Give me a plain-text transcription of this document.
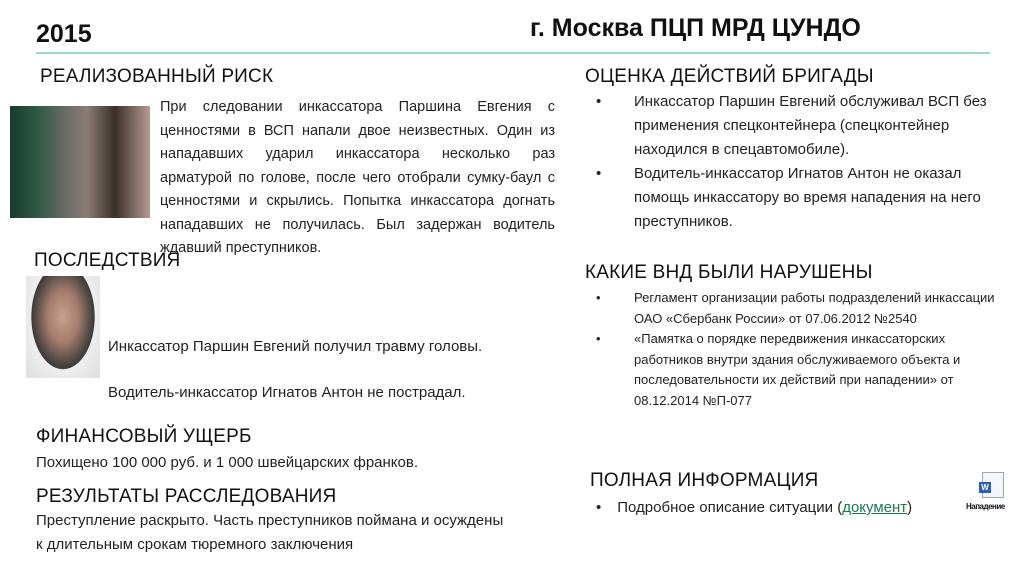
2015	г. Москва ПЦП МРД ЦУНДО
РЕАЛИЗОВАННЫЙ РИСК
При следовании инкассатора Паршина Евгения с ценностями в ВСП напали двое неизвестных. Один из нападавших ударил инкассатора несколько раз арматурой по голове, после чего отобрали сумку-баул с ценностями и скрылись. Попытка инкассатора догнать нападавших не получилась. Был задержан водитель ждавший преступников.
ПОСЛЕДСТВИЯ
Инкассатор Паршин Евгений получил травму головы.
Водитель-инкассатор Игнатов Антон не пострадал.
ФИНАНСОВЫЙ УЩЕРБ
Похищено 100 000 руб. и 1 000 швейцарских франков.
РЕЗУЛЬТАТЫ РАССЛЕДОВАНИЯ
Преступление раскрыто. Часть преступников поймана и осуждены к длительным срокам тюремного заключения
ОЦЕНКА ДЕЙСТВИЙ БРИГАДЫ
• Инкассатор Паршин Евгений обслуживал ВСП без применения спецконтейнера (спецконтейнер находился в спецавтомобиле).
• Водитель-инкассатор Игнатов Антон не оказал помощь инкассатору во время нападения на него преступников.
КАКИЕ ВНД БЫЛИ НАРУШЕНЫ
• Регламент организации работы подразделений инкассации ОАО «Сбербанк России» от 07.06.2012 №2540
• «Памятка о порядке передвижения инкассаторских работников внутри здания обслуживаемого объекта и последовательности их действий при нападении» от 08.12.2014 №П-077
ПОЛНАЯ ИНФОРМАЦИЯ
• Подробное описание ситуации (документ)
W
Нападение
